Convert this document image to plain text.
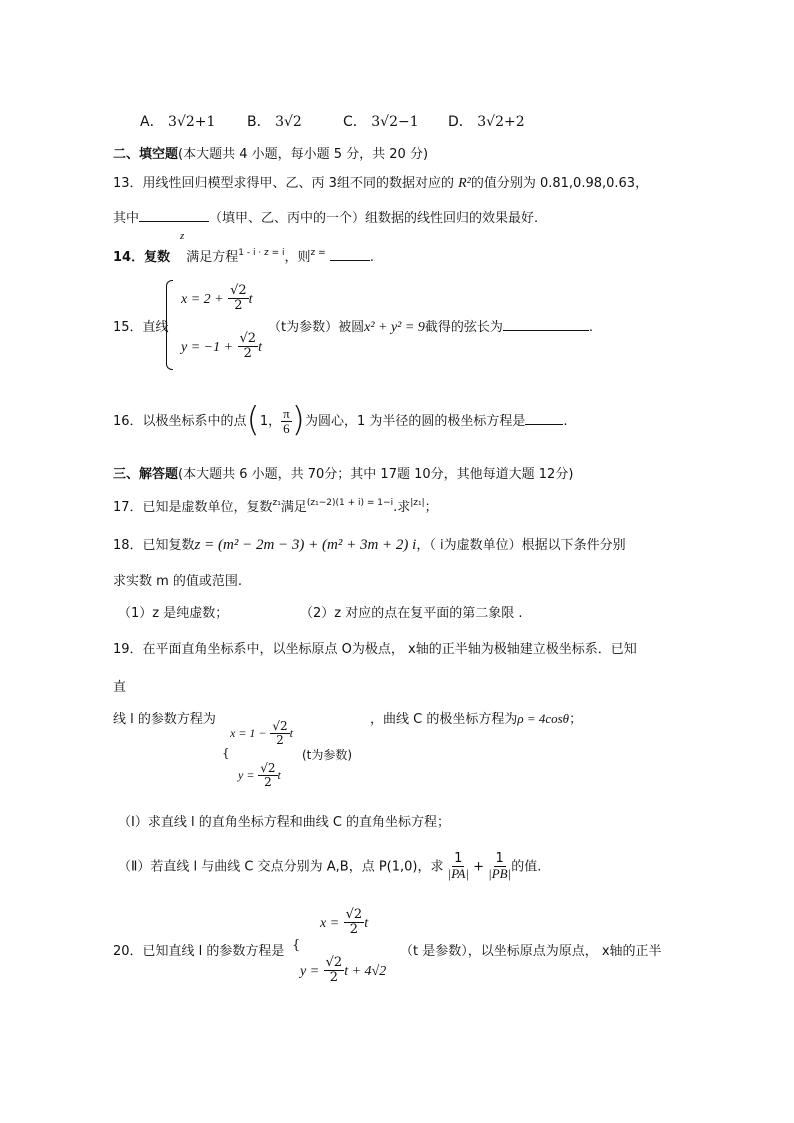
A． 3√2+1 B． 3√2	C． 3√2−1 D． 3√2+2
二、填空题(本大题共 4 小题，每小题 5 分，共 20 分)
13．用线性回归模型求得甲、乙、丙 3组不同的数据对应的 R²的值分别为 0.81,0.98,0.63，
其中	（填甲、乙、丙中的一个）组数据的线性回归的效果最好.
z
14．复数 满足方程$^{1 - i \cdot z = i}$，则$^{z =}$	.
15．直线
$x = 2 + \frac{√2}{2}$ t
$y = -1 + \frac{√2}{2}$ t
（t为参数）被圆x² + y² = 9截得的弦长为	.
16．以极坐标系中的点(1， $\frac{\pi}{6}$ )为圆心，1 为半径的圆的极坐标方程是	.
三、解答题(本大题共 6 小题，共 70分；其中 17题 10分，其他每道大题 12分)
17．已知是虚数单位，复数$^{z_1}$满足$^{(z_1-2)(1 + i) = 1-i}$.求$^{|z_1|}$；
18．已知复数z = (m² − 2m − 3) + (m² + 3m + 2) i，（ i为虚数单位）根据以下条件分别
求实数 m 的值或范围.
（1）z 是纯虚数；	（2）z 对应的点在复平面的第二象限 .
19．在平面直角坐标系中，以坐标原点 O为极点， x轴的正半轴为极轴建立极坐标系．已知
直
线 l 的参数方程为	，曲线 C 的极坐标方程为ρ = 4cosθ；
$x = 1 - \frac{√2}{2}$ t
{	(t为参数)
$y = \frac{√2}{2}$ t
（Ⅰ）求直线 l 的直角坐标方程和曲线 C 的直角坐标方程；
（Ⅱ）若直线 l 与曲线 C 交点分别为 A,B，点 P(1,0)，求 $\frac{1}{|PA|} + \frac{1}{|PB|}$ 的值.
$x = \frac{√2}{2}$ t
20．已知直线 l 的参数方程是 {	（t 是参数），以坐标原点为原点， x轴的正半
$y = \frac{√2}{2}$ t + 4√2
